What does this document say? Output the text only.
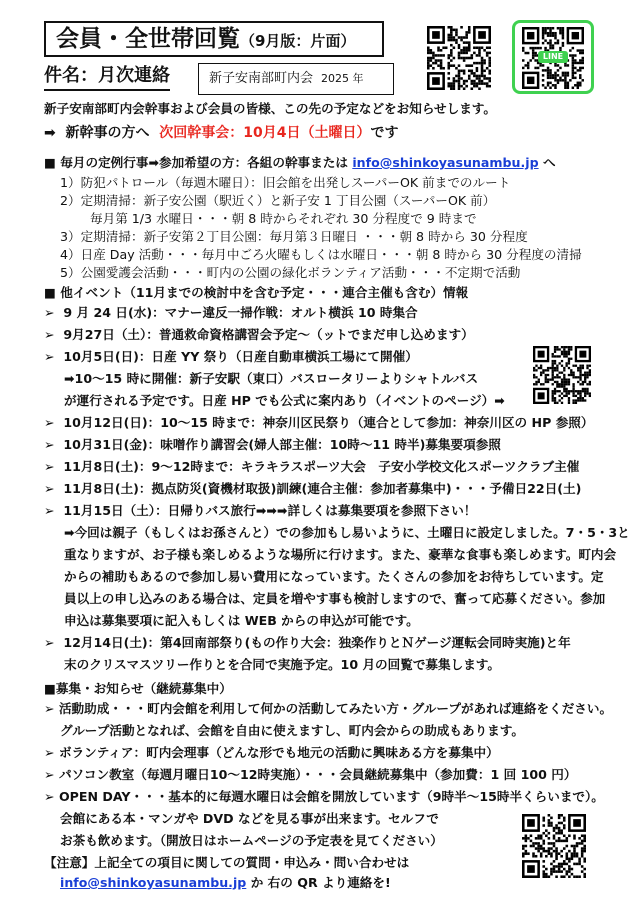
会員・全世帯回覧（9月版：片面）
件名：月次連絡	新子安南部町内会 2025 年
LINE
新子安南部町内会幹事および会員の皆様、この先の予定などをお知らせします。
➡ 新幹事の方へ 次回幹事会：10月4日（土曜日）です
■ 毎月の定例行事➡参加希望の方：各組の幹事または info@shinkoyasunambu.jp へ
1）防犯パトロール（毎週木曜日）：旧会館を出発しスーパーOK 前までのルート
2）定期清掃：新子安公園（駅近く）と新子安 1 丁目公園（スーパーOK 前）
毎月第 1/3 水曜日・・・朝 8 時からそれぞれ 30 分程度で 9 時まで
3）定期清掃：新子安第２丁目公園：毎月第３日曜日 ・・・朝 8 時から 30 分程度
4）日産 Day 活動・・・毎月中ごろ火曜もしくは水曜日・・・朝 8 時から 30 分程度の清掃
5）公園愛護会活動・・・町内の公園の緑化ボランティア活動・・・不定期で活動
■ 他イベント（11月までの検討中を含む予定・・・連合主催も含む）情報
➢ 9 月 24 日(水)：マナー違反一掃作戦：オルト横浜 10 時集合
➢ 9月27日（土）：普通救命資格講習会予定～（ットでまだ申し込めます）
➢ 10月5日(日)：日産 YY 祭り（日産自動車横浜工場にて開催）
➡10～15 時に開催：新子安駅（東口）バスロータリーよりシャトルバス
が運行される予定です。日産 HP でも公式に案内あり（イベントのページ）➡
➢ 10月12日(日)：10～15 時まで：神奈川区民祭り（連合として参加：神奈川区の HP 参照）
➢ 10月31日(金)：味噌作り講習会(婦人部主催：10時～11 時半)募集要項参照
➢ 11月8日(土)：9～12時まで：キラキラスポーツ大会　子安小学校文化スポーツクラブ主催
➢ 11月8日(土)：拠点防災(資機材取扱)訓練(連合主催：参加者募集中)・・・予備日22日(土)
➢ 11月15日（土）：日帰りバス旅行➡➡➡詳しくは募集要項を参照下さい！
➡今回は親子（もしくはお孫さんと）での参加もし易いように、土曜日に設定しました。7・5・3と
重なりますが、お子様も楽しめるような場所に行けます。また、豪華な食事も楽しめます。町内会
からの補助もあるので参加し易い費用になっています。たくさんの参加をお待ちしています。定
員以上の申し込みのある場合は、定員を増やす事も検討しますので、奮って応募ください。参加
申込は募集要項に記入もしくは WEB からの申込が可能です。
➢ 12月14日(土)：第4回南部祭り(もの作り大会：独楽作りとＮゲージ運転会同時実施)と年
末のクリスマスツリー作りとを合同で実施予定。10 月の回覧で募集します。
■募集・お知らせ（継続募集中）
➢ 活動助成・・・町内会館を利用して何かの活動してみたい方・グループがあれば連絡をください。
グループ活動となれば、会館を自由に使えますし、町内会からの助成もあります。
➢ ボランティア：町内会理事（どんな形でも地元の活動に興味ある方を募集中）
➢ パソコン教室（毎週月曜日10～12時実施）・・・会員継続募集中（参加費：1 回 100 円）
➢ OPEN DAY・・・基本的に毎週水曜日は会館を開放しています（9時半～15時半くらいまで）。
会館にある本・マンガや DVD などを見る事が出来ます。セルフで
お茶も飲めます。（開放日はホームページの予定表を見てください）
【注意】上記全ての項目に関しての質問・申込み・問い合わせは
info@shinkoyasunambu.jp か 右の QR より連絡を!
